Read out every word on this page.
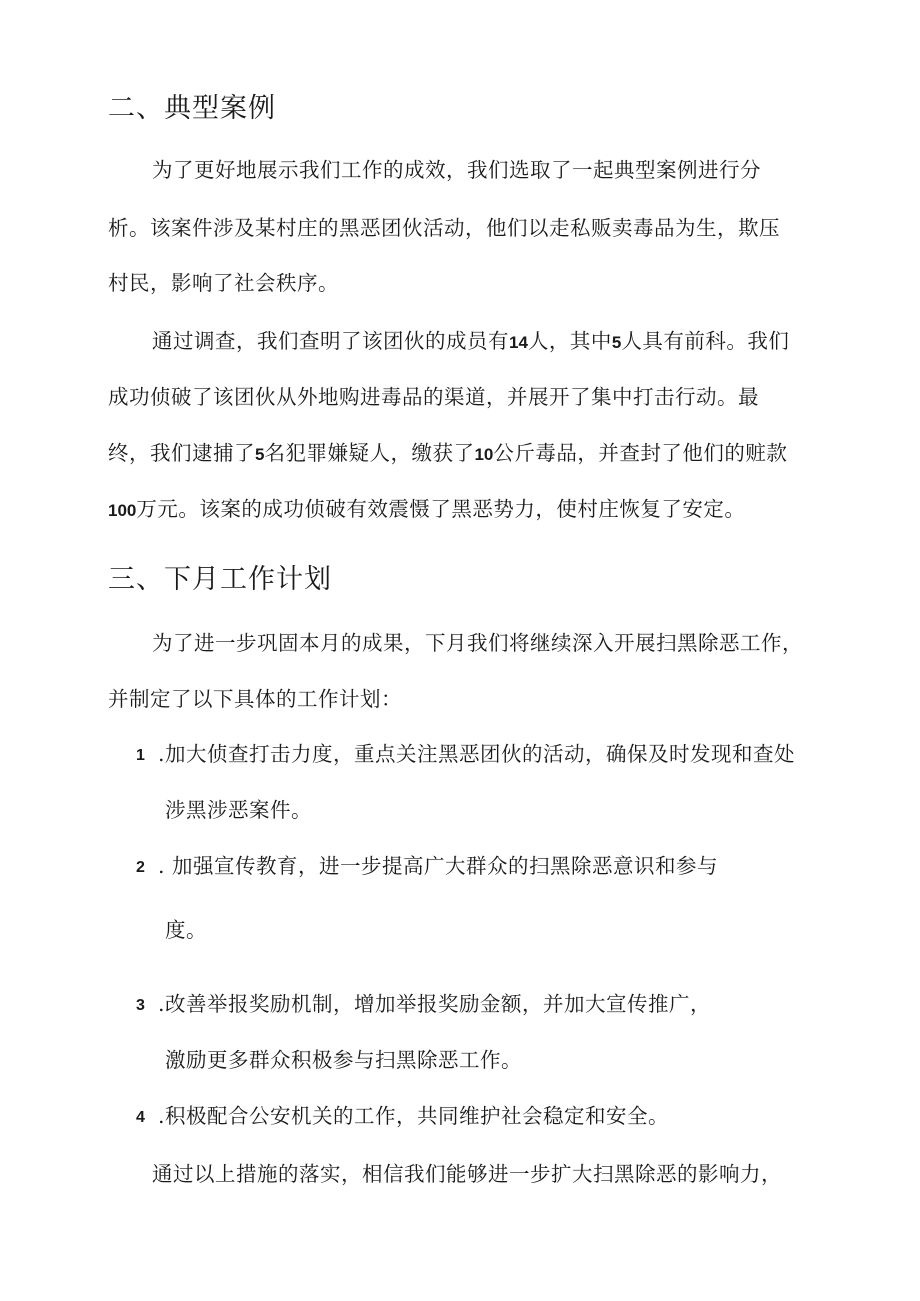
二、典型案例
为了更好地展示我们工作的成效，我们选取了一起典型案例进行分
析。该案件涉及某村庄的黑恶团伙活动，他们以走私贩卖毒品为生，欺压
村民，影响了社会秩序。
通过调查，我们查明了该团伙的成员有14人，其中5人具有前科。我们
成功侦破了该团伙从外地购进毒品的渠道，并展开了集中打击行动。最
终，我们逮捕了5名犯罪嫌疑人，缴获了10公斤毒品，并查封了他们的赃款
100万元。该案的成功侦破有效震慑了黑恶势力，使村庄恢复了安定。
三、下月工作计划
为了进一步巩固本月的成果，下月我们将继续深入开展扫黑除恶工作，
并制定了以下具体的工作计划：
1 .加大侦查打击力度，重点关注黑恶团伙的活动，确保及时发现和查处
涉黑涉恶案件。
2 . 加强宣传教育，进一步提高广大群众的扫黑除恶意识和参与
度。
3 .改善举报奖励机制，增加举报奖励金额，并加大宣传推广，
激励更多群众积极参与扫黑除恶工作。
4 .积极配合公安机关的工作，共同维护社会稳定和安全。
通过以上措施的落实，相信我们能够进一步扩大扫黑除恶的影响力，
